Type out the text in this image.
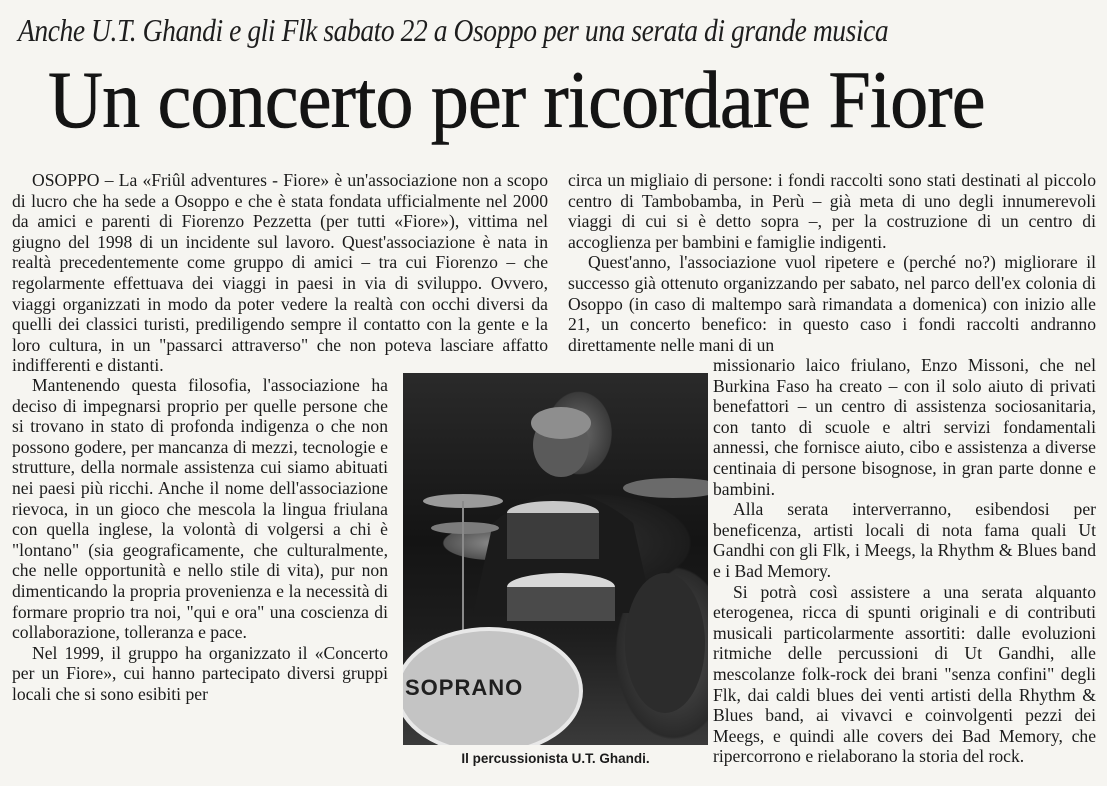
Anche U.T. Ghandi e gli Flk sabato 22 a Osoppo per una serata di grande musica
Un concerto per ricordare Fiore

OSOPPO – La «Friûl adventures - Fiore» è un'associazione non a scopo di lucro che ha sede a Osoppo e che è stata fondata ufficialmente nel 2000 da amici e parenti di Fiorenzo Pezzetta (per tutti «Fiore»), vittima nel giugno del 1998 di un incidente sul lavoro. Quest'associazione è nata in realtà precedentemente come gruppo di amici – tra cui Fiorenzo – che regolarmente effettuava dei viaggi in paesi in via di sviluppo. Ovvero, viaggi organizzati in modo da poter vedere la realtà con occhi diversi da quelli dei classici turisti, prediligendo sempre il contatto con la gente e la loro cultura, in un "passarci attraverso" che non poteva lasciare affatto indifferenti e distanti.

Mantenendo questa filosofia, l'associazione ha deciso di impegnarsi proprio per quelle persone che si trovano in stato di profonda indigenza o che non possono godere, per mancanza di mezzi, tecnologie e strutture, della normale assistenza cui siamo abituati nei paesi più ricchi. Anche il nome dell'associazione rievoca, in un gioco che mescola la lingua friulana con quella inglese, la volontà di volgersi a chi è "lontano" (sia geograficamente, che culturalmente, che nelle opportunità e nello stile di vita), pur non dimenticando la propria provenienza e la necessità di formare proprio tra noi, "qui e ora" una coscienza di collaborazione, tolleranza e pace.

Nel 1999, il gruppo ha organizzato il «Concerto per un Fiore», cui hanno partecipato diversi gruppi locali che si sono esibiti per

circa un migliaio di persone: i fondi raccolti sono stati destinati al piccolo centro di Tambobamba, in Perù – già meta di uno degli innumerevoli viaggi di cui si è detto sopra –, per la costruzione di un centro di accoglienza per bambini e famiglie indigenti.

Quest'anno, l'associazione vuol ripetere e (perché no?) migliorare il successo già ottenuto organizzando per sabato, nel parco dell'ex colonia di Osoppo (in caso di maltempo sarà rimandata a domenica) con inizio alle 21, un concerto benefico: in questo caso i fondi raccolti andranno direttamente nelle mani di un

missionario laico friulano, Enzo Missoni, che nel Burkina Faso ha creato – con il solo aiuto di privati benefattori – un centro di assistenza sociosanitaria, con tanto di scuole e altri servizi fondamentali annessi, che fornisce aiuto, cibo e assistenza a diverse centinaia di persone bisognose, in gran parte donne e bambini.

Alla serata interverranno, esibendosi per beneficenza, artisti locali di nota fama quali Ut Gandhi con gli Flk, i Meegs, la Rhythm & Blues band e i Bad Memory.

Si potrà così assistere a una serata alquanto eterogenea, ricca di spunti originali e di contributi musicali particolarmente assortiti: dalle evoluzioni ritmiche delle percussioni di Ut Gandhi, alle mescolanze folk-rock dei brani "senza confini" degli Flk, dai caldi blues dei venti artisti della Rhythm & Blues band, ai vivavci e coinvolgenti pezzi dei Meegs, e quindi alle covers dei Bad Memory, che ripercorrono e rielaborano la storia del rock.

SOPRANO
Il percussionista U.T. Ghandi.
